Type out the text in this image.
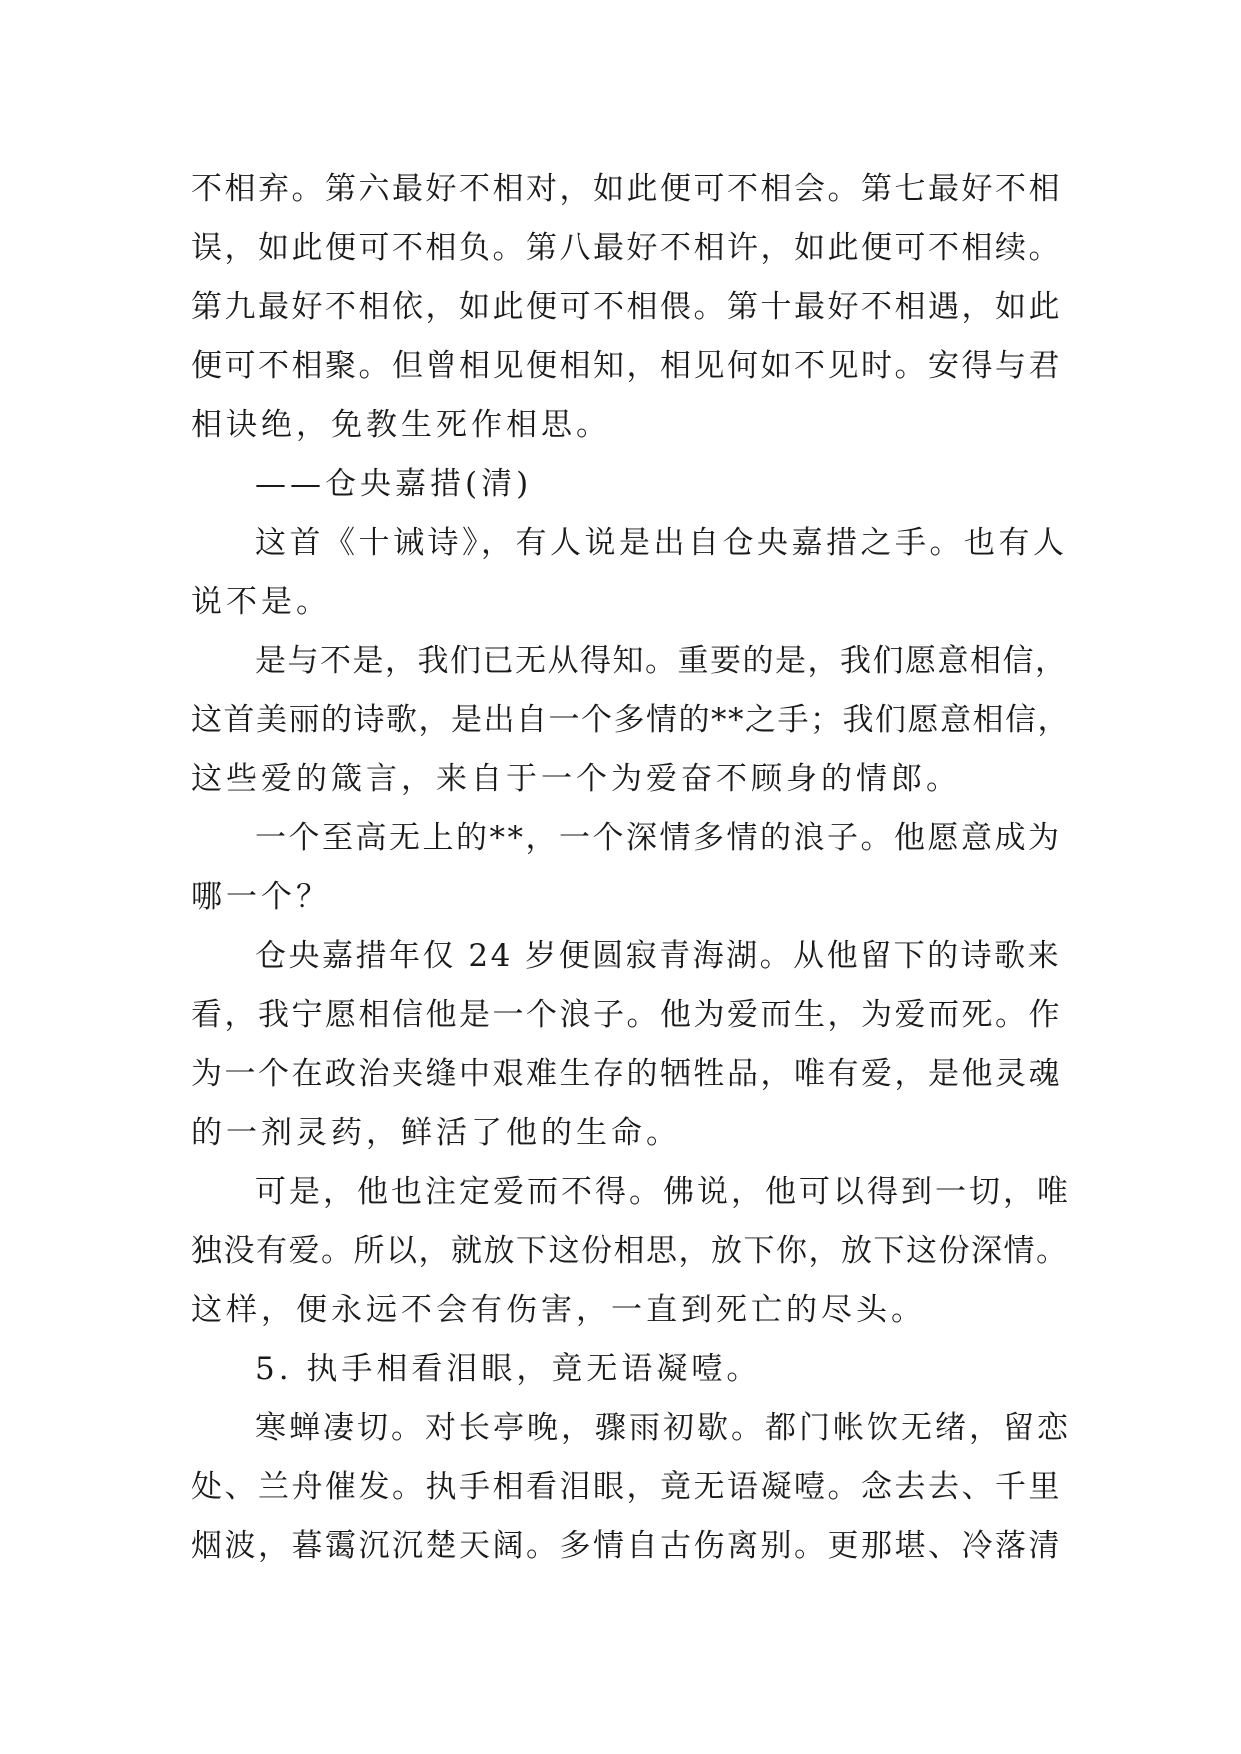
不相弃。第六最好不相对，如此便可不相会。第七最好不相
误，如此便可不相负。第八最好不相许，如此便可不相续。
第九最好不相依，如此便可不相偎。第十最好不相遇，如此
便可不相聚。但曾相见便相知，相见何如不见时。安得与君
相诀绝，免教生死作相思。
——仓央嘉措(清)
这首《十诫诗》，有人说是出自仓央嘉措之手。也有人
说不是。
是与不是，我们已无从得知。重要的是，我们愿意相信，
这首美丽的诗歌，是出自一个多情的**之手；我们愿意相信，
这些爱的箴言，来自于一个为爱奋不顾身的情郎。
一个至高无上的**，一个深情多情的浪子。他愿意成为
哪一个？
仓央嘉措年仅 24 岁便圆寂青海湖。从他留下的诗歌来
看，我宁愿相信他是一个浪子。他为爱而生，为爱而死。作
为一个在政治夹缝中艰难生存的牺牲品，唯有爱，是他灵魂
的一剂灵药，鲜活了他的生命。
可是，他也注定爱而不得。佛说，他可以得到一切，唯
独没有爱。所以，就放下这份相思，放下你，放下这份深情。
这样，便永远不会有伤害，一直到死亡的尽头。
5. 执手相看泪眼，竟无语凝噎。
寒蝉凄切。对长亭晚，骤雨初歇。都门帐饮无绪，留恋
处、兰舟催发。执手相看泪眼，竟无语凝噎。念去去、千里
烟波，暮霭沉沉楚天阔。多情自古伤离别。更那堪、冷落清
